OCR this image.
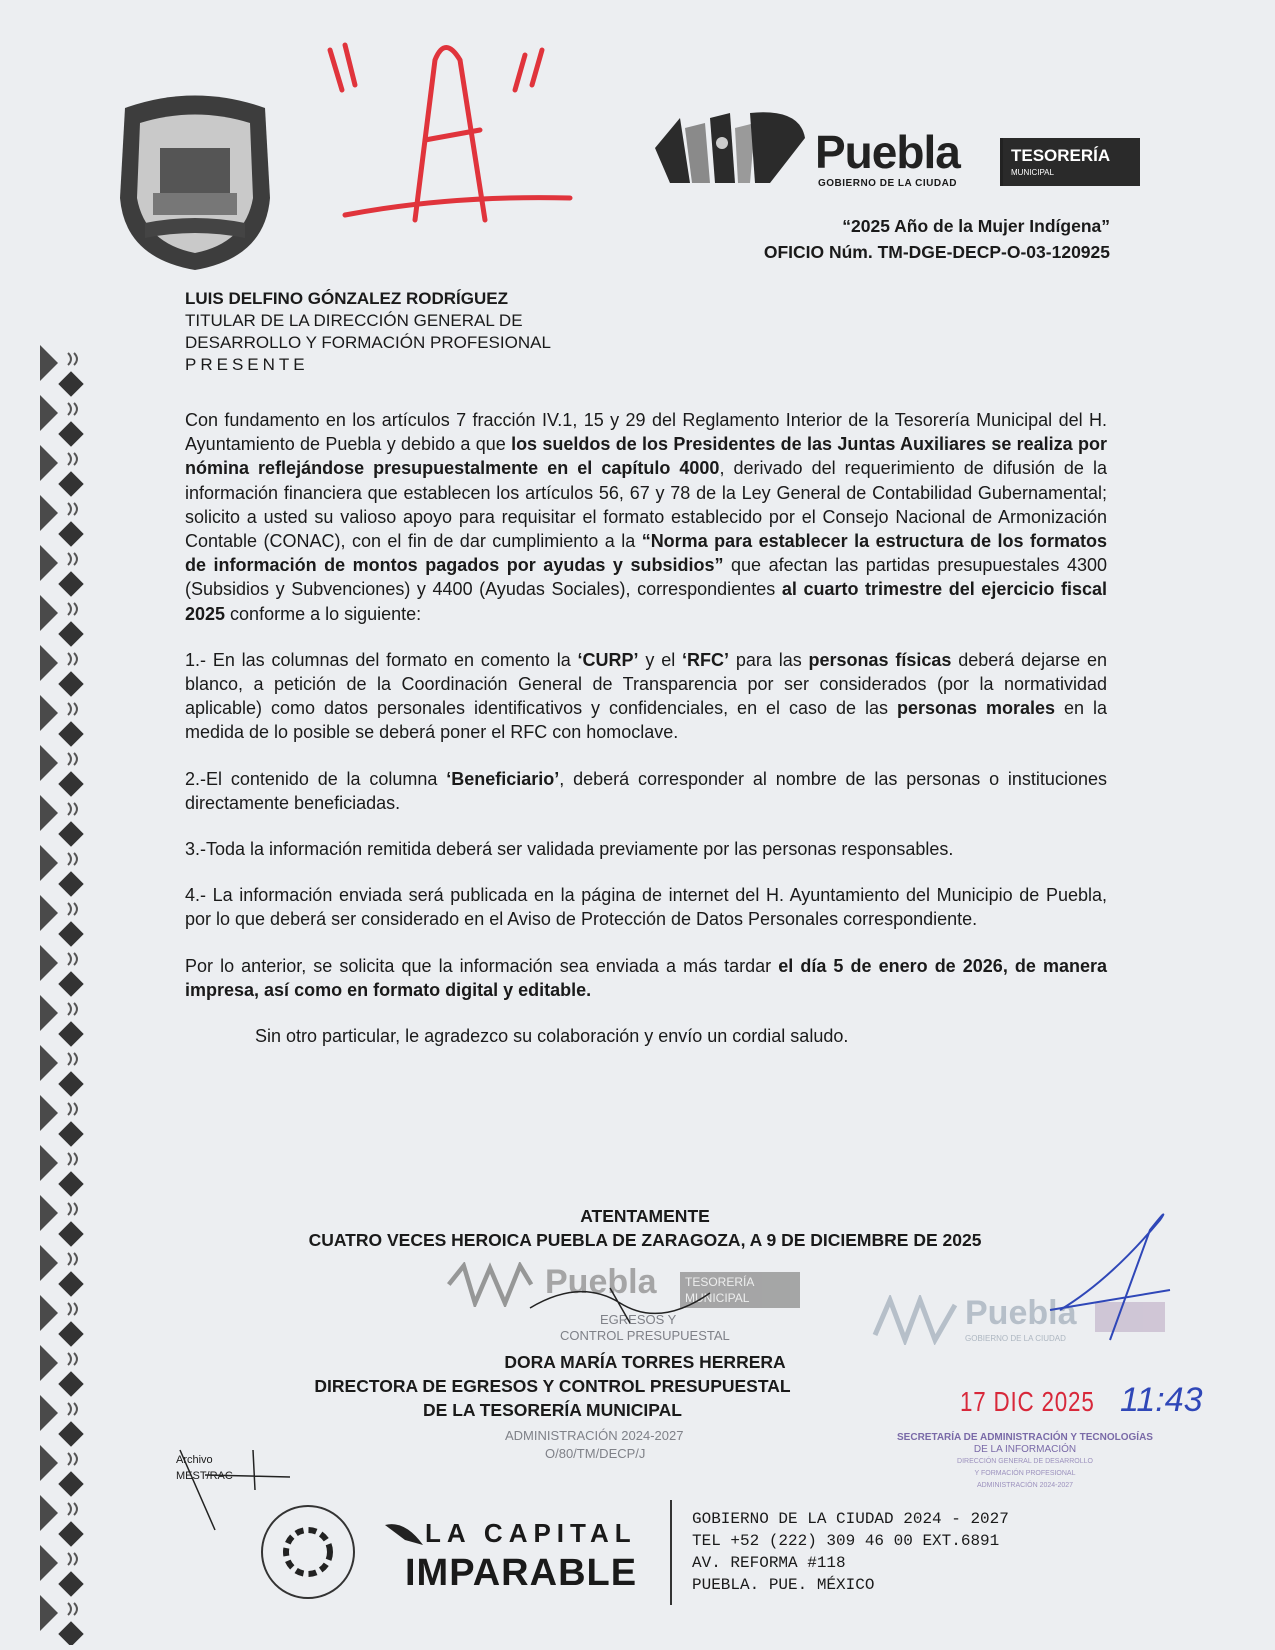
Puebla
GOBIERNO DE LA CIUDAD
TESORERÍA
MUNICIPAL
“2025 Año de la Mujer Indígena”
OFICIO Núm. TM-DGE-DECP-O-03-120925
LUIS DELFINO GÓNZALEZ RODRÍGUEZ
TITULAR DE LA DIRECCIÓN GENERAL DE
DESARROLLO Y FORMACIÓN PROFESIONAL
PRESENTE
Con fundamento en los artículos 7 fracción IV.1, 15 y 29 del Reglamento Interior de la Tesorería Municipal del H. Ayuntamiento de Puebla y debido a que los sueldos de los Presidentes de las Juntas Auxiliares se realiza por nómina reflejándose presupuestalmente en el capítulo 4000, derivado del requerimiento de difusión de la información financiera que establecen los artículos 56, 67 y 78 de la Ley General de Contabilidad Gubernamental; solicito a usted su valioso apoyo para requisitar el formato establecido por el Consejo Nacional de Armonización Contable (CONAC), con el fin de dar cumplimiento a la “Norma para establecer la estructura de los formatos de información de montos pagados por ayudas y subsidios” que afectan las partidas presupuestales 4300 (Subsidios y Subvenciones) y 4400 (Ayudas Sociales), correspondientes al cuarto trimestre del ejercicio fiscal 2025 conforme a lo siguiente:
1.- En las columnas del formato en comento la ‘CURP’ y el ‘RFC’ para las personas físicas deberá dejarse en blanco, a petición de la Coordinación General de Transparencia por ser considerados (por la normatividad aplicable) como datos personales identificativos y confidenciales, en el caso de las personas morales en la medida de lo posible se deberá poner el RFC con homoclave.
2.-El contenido de la columna ‘Beneficiario’, deberá corresponder al nombre de las personas o instituciones directamente beneficiadas.
3.-Toda la información remitida deberá ser validada previamente por las personas responsables.
4.- La información enviada será publicada en la página de internet del H. Ayuntamiento del Municipio de Puebla, por lo que deberá ser considerado en el Aviso de Protección de Datos Personales correspondiente.
Por lo anterior, se solicita que la información sea enviada a más tardar el día 5 de enero de 2026, de manera impresa, así como en formato digital y editable.
Sin otro particular, le agradezco su colaboración y envío un cordial saludo.
ATENTAMENTE
CUATRO VECES HEROICA PUEBLA DE ZARAGOZA, A 9 DE DICIEMBRE DE 2025
Puebla	TESORERÍA MUNICIPAL
EGRESOS Y
CONTROL PRESUPUESTAL
ADMINISTRACIÓN 2024-2027
O/80/TM/DECP/J
DORA MARÍA TORRES HERRERA
DIRECTORA DE EGRESOS Y CONTROL PRESUPUESTAL
DE LA TESORERÍA MUNICIPAL
Puebla
GOBIERNO DE LA CIUDAD
17 DIC 2025 11:43
SECRETARÍA DE ADMINISTRACIÓN Y TECNOLOGÍAS
DE LA INFORMACIÓN
DIRECCIÓN GENERAL DE DESARROLLO
Y FORMACIÓN PROFESIONAL
ADMINISTRACIÓN 2024-2027
Archivo
MEST/RAC
LA CAPITAL
IMPARABLE
GOBIERNO DE LA CIUDAD 2024 - 2027
TEL +52 (222) 309 46 00 EXT.6891
AV. REFORMA #118
PUEBLA. PUE. MÉXICO
